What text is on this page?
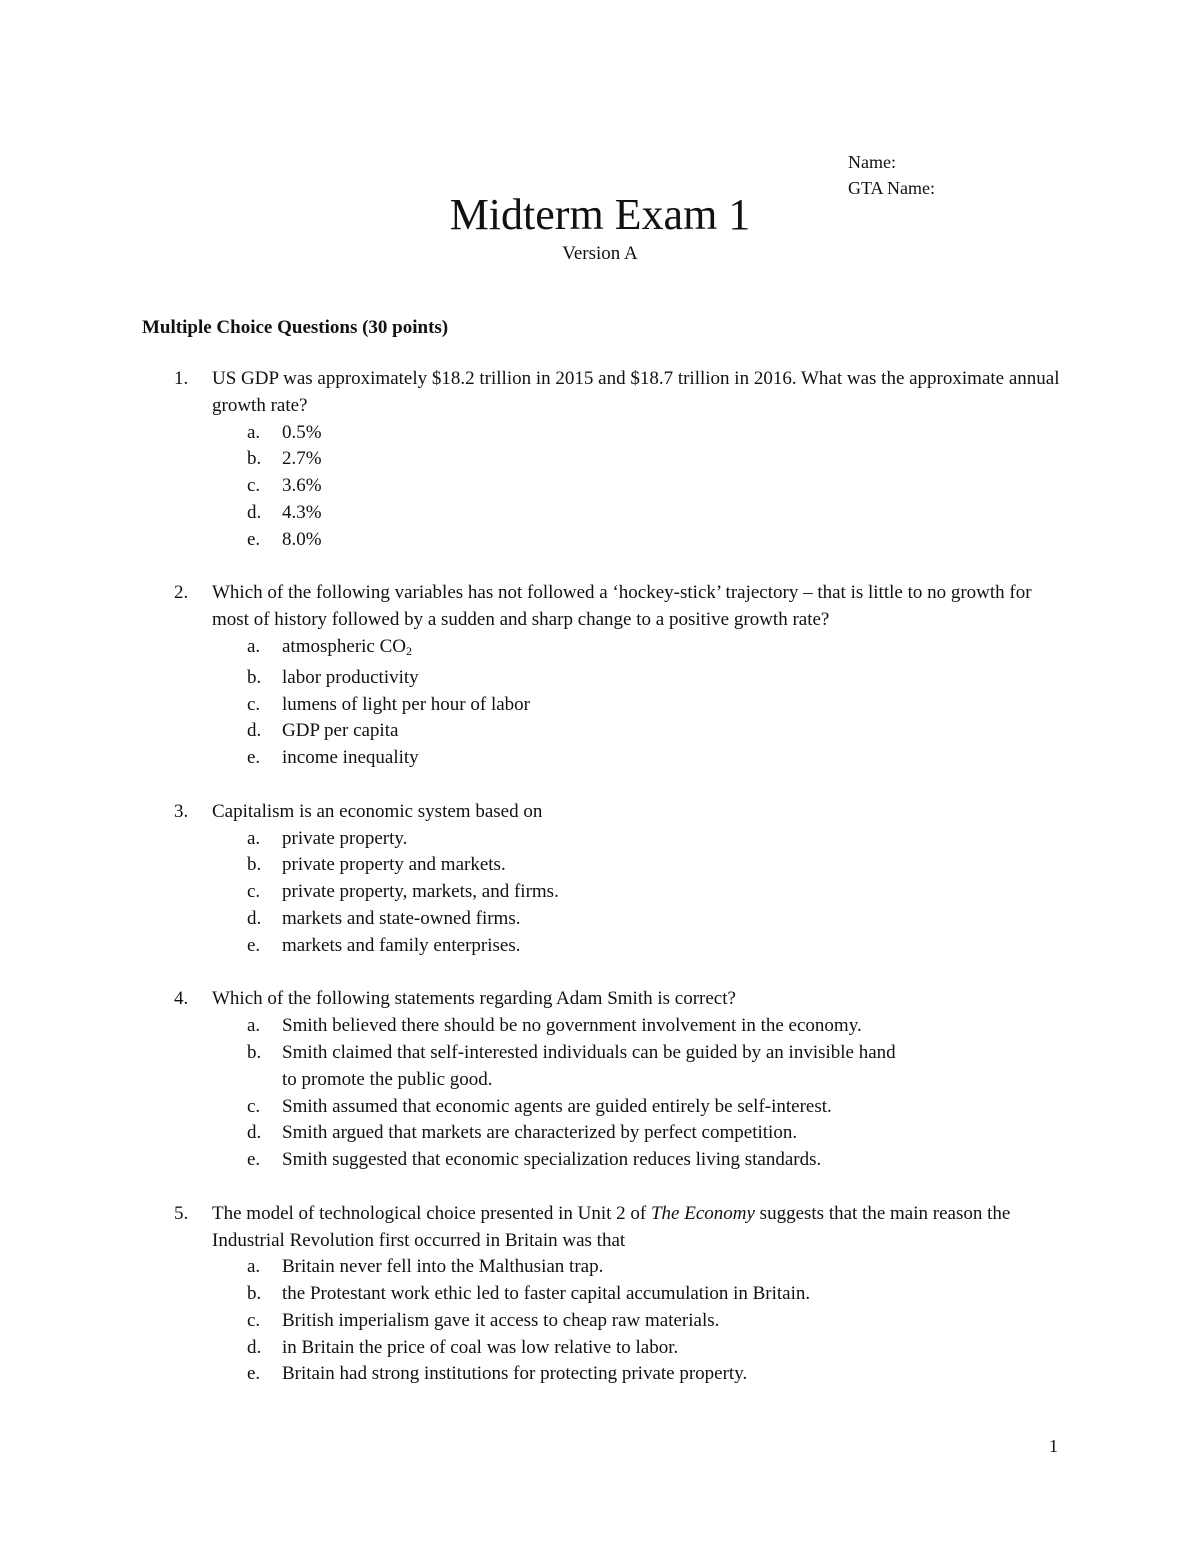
Name:
GTA Name:
Midterm Exam 1
Version A
Multiple Choice Questions (30 points)
1. US GDP was approximately $18.2 trillion in 2015 and $18.7 trillion in 2016. What was the approximate annual growth rate?
a. 0.5%
b. 2.7%
c. 3.6%
d. 4.3%
e. 8.0%
2. Which of the following variables has not followed a ‘hockey-stick’ trajectory – that is little to no growth for most of history followed by a sudden and sharp change to a positive growth rate?
a. atmospheric $CO_2$
b. labor productivity
c. lumens of light per hour of labor
d. GDP per capita
e. income inequality
3. Capitalism is an economic system based on
a. private property.
b. private property and markets.
c. private property, markets, and firms.
d. markets and state-owned firms.
e. markets and family enterprises.
4. Which of the following statements regarding Adam Smith is correct?
a. Smith believed there should be no government involvement in the economy.
b. Smith claimed that self-interested individuals can be guided by an invisible hand
to promote the public good.
c. Smith assumed that economic agents are guided entirely be self-interest.
d. Smith argued that markets are characterized by perfect competition.
e. Smith suggested that economic specialization reduces living standards.
5. The model of technological choice presented in Unit 2 of The Economy suggests that the main reason the Industrial Revolution first occurred in Britain was that
a. Britain never fell into the Malthusian trap.
b. the Protestant work ethic led to faster capital accumulation in Britain.
c. British imperialism gave it access to cheap raw materials.
d. in Britain the price of coal was low relative to labor.
e. Britain had strong institutions for protecting private property.
1
